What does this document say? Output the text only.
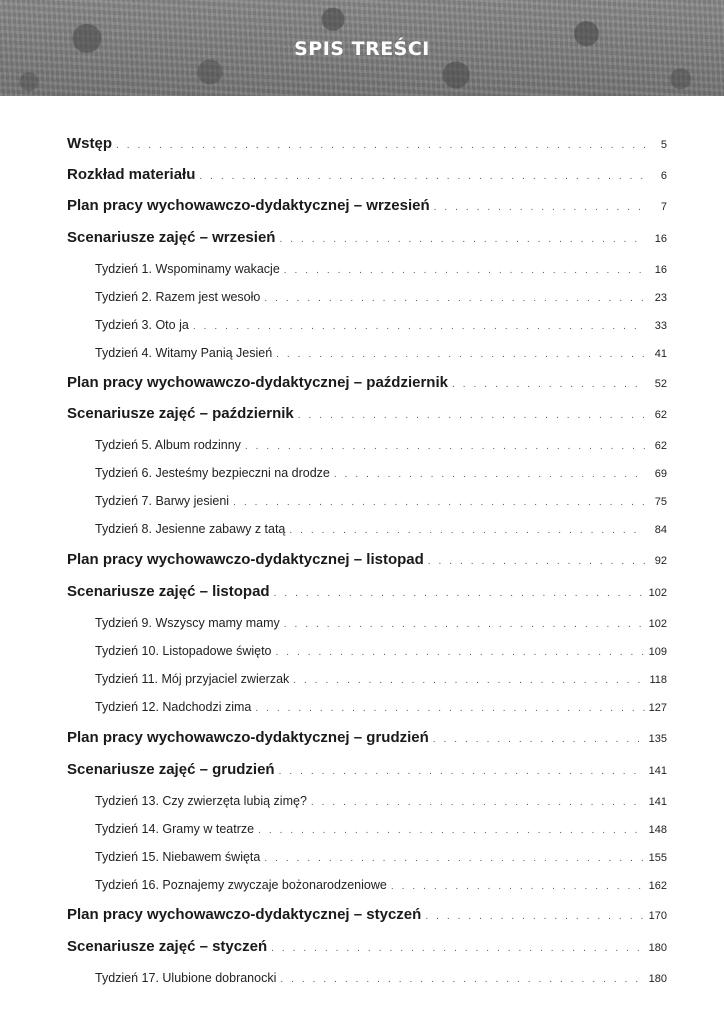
SPIS TREŚCI
Wstęp . . .	5
Rozkład materiału . . .	6
Plan pracy wychowawczo-dydaktycznej – wrzesień . . .	7
Scenariusze zajęć – wrzesień . . .	16
Tydzień 1. Wspominamy wakacje . . .	16
Tydzień 2. Razem jest wesoło . . .	23
Tydzień 3. Oto ja . . .	33
Tydzień 4. Witamy Panią Jesień . . .	41
Plan pracy wychowawczo-dydaktycznej – październik . . .	52
Scenariusze zajęć – październik . . .	62
Tydzień 5. Album rodzinny . . .	62
Tydzień 6. Jesteśmy bezpieczni na drodze . . .	69
Tydzień 7. Barwy jesieni . . .	75
Tydzień 8. Jesienne zabawy z tatą . . .	84
Plan pracy wychowawczo-dydaktycznej – listopad . . .	92
Scenariusze zajęć – listopad . . .	102
Tydzień 9. Wszyscy mamy mamy . . .	102
Tydzień 10. Listopadowe święto . . .	109
Tydzień 11. Mój przyjaciel zwierzak . . .	118
Tydzień 12. Nadchodzi zima . . .	127
Plan pracy wychowawczo-dydaktycznej – grudzień . . .	135
Scenariusze zajęć – grudzień . . .	141
Tydzień 13. Czy zwierzęta lubią zimę? . . .	141
Tydzień 14. Gramy w teatrze . . .	148
Tydzień 15. Niebawem święta . . .	155
Tydzień 16. Poznajemy zwyczaje bożonarodzeniowe . . .	162
Plan pracy wychowawczo-dydaktycznej – styczeń . . .	170
Scenariusze zajęć – styczeń . . .	180
Tydzień 17. Ulubione dobranocki . . .	180
